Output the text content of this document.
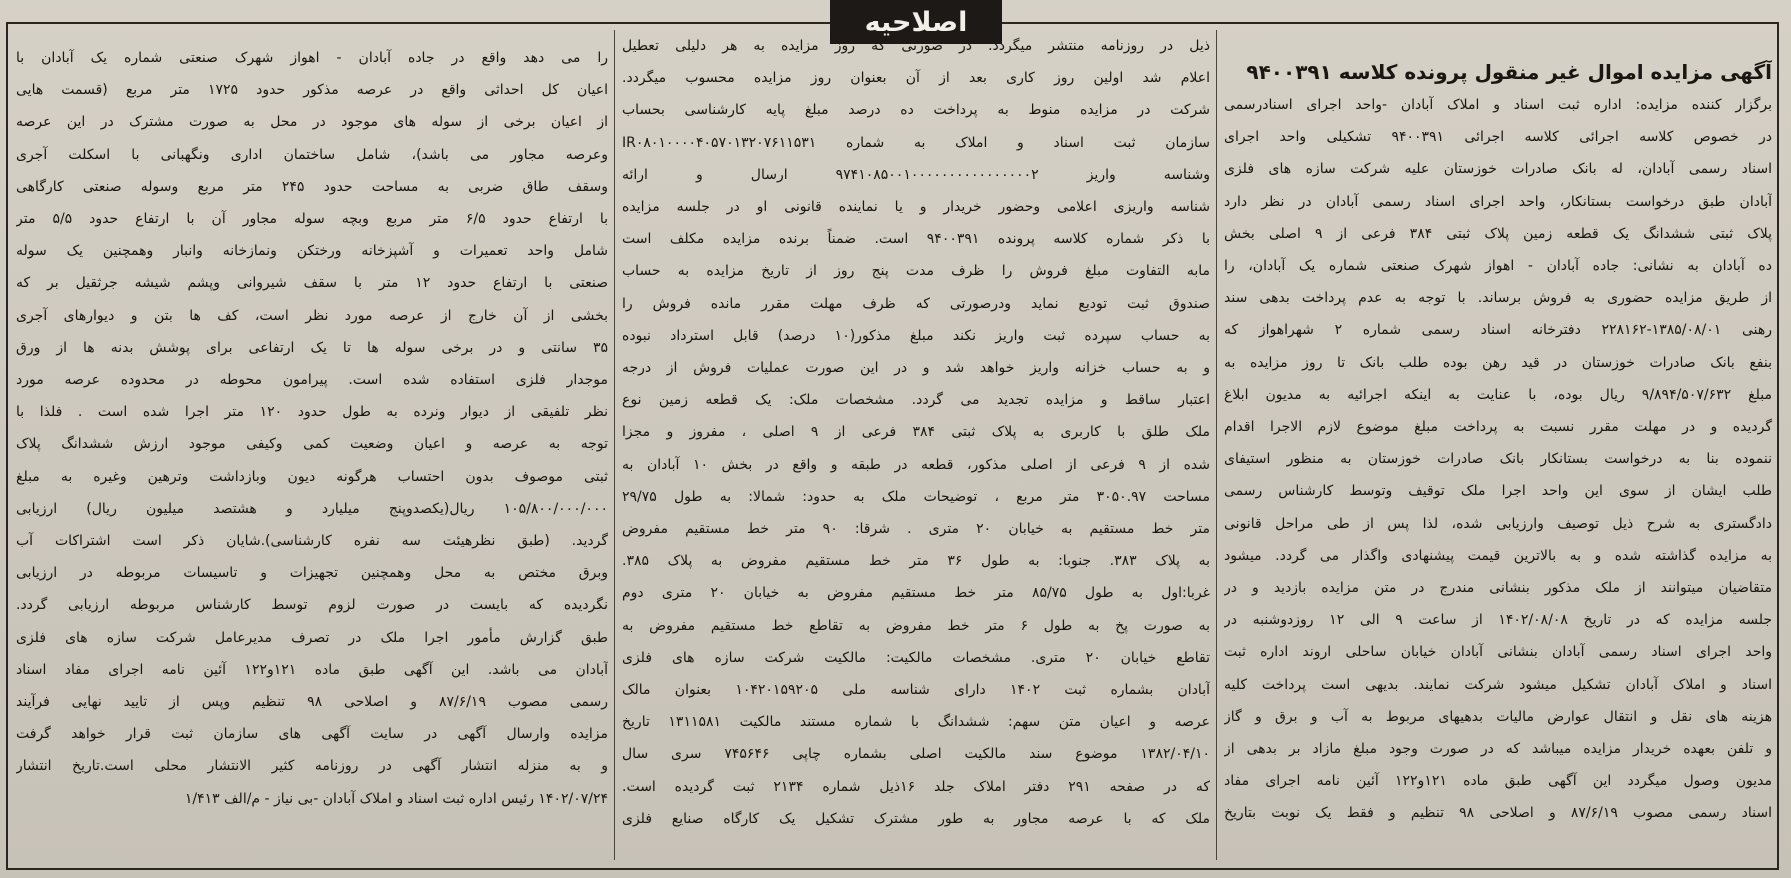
اصلاحیه

آگهی مزایده اموال غیر منقول پرونده کلاسه ۹۴۰۰۳۹۱

برگزار کننده مزایده: اداره ثبت اسناد و املاک آبادان -واحد اجرای اسنادرسمی

در خصوص کلاسه اجرائی کلاسه اجرائی ۹۴۰۰۳۹۱ تشکیلی واحد اجرای

اسناد رسمی آبادان، له بانک صادرات خوزستان علیه شرکت سازه های فلزی

آبادان طبق درخواست بستانکار، واحد اجرای اسناد رسمی آبادان در نظر دارد

پلاک ثبتی ششدانگ یک قطعه زمین پلاک ثبتی ۳۸۴ فرعی از ۹ اصلی بخش

ده آبادان به نشانی: جاده آبادان - اهواز شهرک صنعتی شماره یک آبادان، را

از طریق مزایده حضوری به فروش برساند. با توجه به عدم پرداخت بدهی سند

رهنی ۱۳۸۵/۰۸/۰۱-۲۲۸۱۶۲ دفترخانه اسناد رسمی شماره ۲ شهراهواز که

بنفع بانک صادرات خوزستان در قید رهن بوده طلب بانک تا روز مزایده به

مبلغ ۹/۸۹۴/۵۰۷/۶۳۲ ریال بوده، با عنایت به اینکه اجرائیه به مدیون ابلاغ

گردیده و در مهلت مقرر نسبت به پرداخت مبلغ موضوع لازم الاجرا اقدام

ننموده بنا به درخواست بستانکار بانک صادرات خوزستان به منظور استیفای

طلب ایشان از سوی این واحد اجرا ملک توقیف وتوسط کارشناس رسمی

دادگستری به شرح ذیل توصیف وارزیابی شده، لذا پس از طی مراحل قانونی

به مزایده گذاشته شده و به بالاترین قیمت پیشنهادی واگذار می گردد. میشود

متقاضیان میتوانند از ملک مذکور بنشانی مندرج در متن مزایده بازدید و در

جلسه مزایده که در تاریخ ۱۴۰۲/۰۸/۰۸ از ساعت ۹ الی ۱۲ روزدوشنبه در

واحد اجرای اسناد رسمی آبادان بنشانی آبادان خیابان ساحلی اروند اداره ثبت

اسناد و املاک آبادان تشکیل میشود شرکت نمایند. بدیهی است پرداخت کلیه

هزینه های نقل و انتقال عوارض مالیات بدهیهای مربوط به آب و برق و گاز

و تلفن بعهده خریدار مزایده میباشد که در صورت وجود مبلغ مازاد بر بدهی از

مدیون وصول میگردد این آگهی طبق ماده ۱۲۱و۱۲۲ آئین نامه اجرای مفاد

اسناد رسمی مصوب ۸۷/۶/۱۹ و اصلاحی ۹۸ تنظیم و فقط یک نوبت بتاریخ

ذیل در روزنامه منتشر میگردد. در صورتی که روز مزایده به هر دلیلی تعطیل

اعلام شد اولین روز کاری بعد از آن بعنوان روز مزایده محسوب میگردد.

شرکت در مزایده منوط به پرداخت ده درصد مبلغ پایه کارشناسی بحساب

سازمان ثبت اسناد و املاک به شماره IR۰۸۰۱۰۰۰۰۴۰۵۷۰۱۳۲۰۷۶۱۱۵۳۱

وشناسه واریز ۹۷۴۱۰۸۵۰۰۱۰۰۰۰۰۰۰۰۰۰۰۰۰۰۰۰۲ ارسال و ارائه

شناسه واریزی اعلامی وحضور خریدار و یا نماینده قانونی او در جلسه مزایده

با ذکر شماره کلاسه پرونده ۹۴۰۰۳۹۱ است. ضمناً برنده مزایده مکلف است

مابه التفاوت مبلغ فروش را ظرف مدت پنج روز از تاریخ مزایده به حساب

صندوق ثبت تودیع نماید ودرصورتی که ظرف مهلت مقرر مانده فروش را

به حساب سپرده ثبت واریز نکند مبلغ مذکور(۱۰ درصد) قابل استرداد نبوده

و به حساب خزانه واریز خواهد شد و در این صورت عملیات فروش از درجه

اعتبار ساقط و مزایده تجدید می گردد. مشخصات ملک: یک قطعه زمین نوع

ملک طلق با کاربری به پلاک ثبتی ۳۸۴ فرعی از ۹ اصلی ، مفروز و مجزا

شده از ۹ فرعی از اصلی مذکور، قطعه در طبقه و واقع در بخش ۱۰ آبادان به

مساحت ۳۰۵۰.۹۷ متر مربع ، توضیحات ملک به حدود: شمالا: به طول ۲۹/۷۵

متر خط مستقیم به خیابان ۲۰ متری . شرقا: ۹۰ متر خط مستقیم مفروض

به پلاک ۳۸۳. جنوبا: به طول ۳۶ متر خط مستقیم مفروض به پلاک ۳۸۵.

غربا:اول به طول ۸۵/۷۵ متر خط مستقیم مفروض به خیابان ۲۰ متری دوم

به صورت پخ به طول ۶ متر خط مفروض به تقاطع خط مستقیم مفروض به

تقاطع خیابان ۲۰ متری. مشخصات مالکیت: مالکیت شرکت سازه های فلزی

آبادان بشماره ثبت ۱۴۰۲ دارای شناسه ملی ۱۰۴۲۰۱۵۹۲۰۵ بعنوان مالک

عرصه و اعیان متن سهم: ششدانگ با شماره مستند مالکیت ۱۳۱۱۵۸۱ تاریخ

۱۳۸۲/۰۴/۱۰ موضوع سند مالکیت اصلی بشماره چاپی ۷۴۵۶۴۶ سری سال

که در صفحه ۲۹۱ دفتر املاک جلد ۱۶ذیل شماره ۲۱۳۴ ثبت گردیده است.

ملک که با عرصه مجاور به طور مشترک تشکیل یک کارگاه صنایع فلزی

را می دهد واقع در جاده آبادان - اهواز شهرک صنعتی شماره یک آبادان با

اعیان کل احداثی واقع در عرصه مذکور حدود ۱۷۲۵ متر مربع (قسمت هایی

از اعیان برخی از سوله های موجود در محل به صورت مشترک در این عرصه

وعرصه مجاور می باشد)، شامل ساختمان اداری ونگهبانی با اسکلت آجری

وسقف طاق ضربی به مساحت حدود ۲۴۵ متر مربع وسوله صنعتی کارگاهی

با ارتفاع حدود ۶/۵ متر مربع وبچه سوله مجاور آن با ارتفاع حدود ۵/۵ متر

شامل واحد تعمیرات و آشپزخانه ورختکن ونمازخانه وانبار وهمچنین یک سوله

صنعتی با ارتفاع حدود ۱۲ متر با سقف شیروانی وپشم شیشه جرثقیل بر که

بخشی از آن خارج از عرصه مورد نظر است، کف ها بتن و دیوارهای آجری

۳۵ سانتی و در برخی سوله ها تا یک ارتفاعی برای پوشش بدنه ها از ورق

موجدار فلزی استفاده شده است. پیرامون محوطه در محدوده عرصه مورد

نظر تلفیقی از دیوار ونرده به طول حدود ۱۲۰ متر اجرا شده است . فلذا با

توجه به عرصه و اعیان وضعیت کمی وکیفی موجود ارزش ششدانگ پلاک

ثبتی موصوف بدون احتساب هرگونه دیون وبازداشت وترهین وغیره به مبلغ

۱۰۵/۸۰۰/۰۰۰/۰۰۰ ریال(یکصدوپنج میلیارد و هشتصد میلیون ریال) ارزیابی

گردید. (طبق نظرهیئت سه نفره کارشناسی).شایان ذکر است اشتراکات آب

وبرق مختص به محل وهمچنین تجهیزات و تاسیسات مربوطه در ارزیابی

نگردیده که بایست در صورت لزوم توسط کارشناس مربوطه ارزیابی گردد.

طبق گزارش مأمور اجرا ملک در تصرف مدیرعامل شرکت سازه های فلزی

آبادان می باشد. این آگهی طبق ماده ۱۲۱و۱۲۲ آئین نامه اجرای مفاد اسناد

رسمی مصوب ۸۷/۶/۱۹ و اصلاحی ۹۸ تنظیم وپس از تایید نهایی فرآیند

مزایده وارسال آگهی در سایت آگهی های سازمان ثبت قرار خواهد گرفت

و به منزله انتشار آگهی در روزنامه کثیر الانتشار محلی است.تاریخ انتشار

۱۴۰۲/۰۷/۲۴ رئیس اداره ثبت اسناد و املاک آبادان -بی نیاز - م/الف ۱/۴۱۳
